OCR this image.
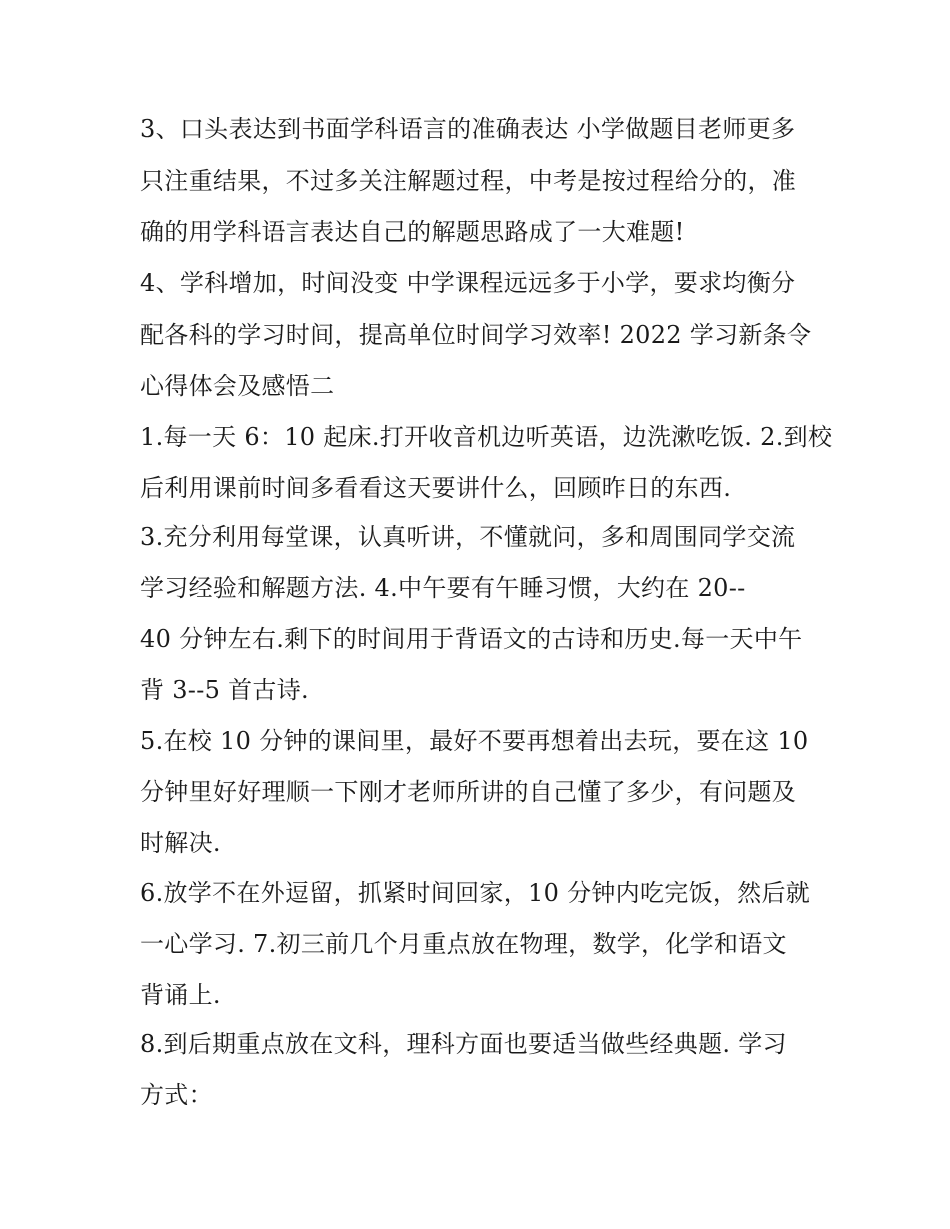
3、口头表达到书面学科语言的准确表达 小学做题目老师更多
只注重结果，不过多关注解题过程，中考是按过程给分的，准
确的用学科语言表达自己的解题思路成了一大难题!
4、学科增加，时间没变 中学课程远远多于小学，要求均衡分
配各科的学习时间，提高单位时间学习效率! 2022 学习新条令
心得体会及感悟二
1.每一天 6：10 起床.打开收音机边听英语，边洗漱吃饭. 2.到校
后利用课前时间多看看这天要讲什么，回顾昨日的东西.
3.充分利用每堂课，认真听讲，不懂就问，多和周围同学交流
学习经验和解题方法. 4.中午要有午睡习惯，大约在 20--
40 分钟左右.剩下的时间用于背语文的古诗和历史.每一天中午
背 3--5 首古诗.
5.在校 10 分钟的课间里，最好不要再想着出去玩，要在这 10
分钟里好好理顺一下刚才老师所讲的自己懂了多少，有问题及
时解决.
6.放学不在外逗留，抓紧时间回家，10 分钟内吃完饭，然后就
一心学习. 7.初三前几个月重点放在物理，数学，化学和语文
背诵上.
8.到后期重点放在文科，理科方面也要适当做些经典题. 学习
方式：
